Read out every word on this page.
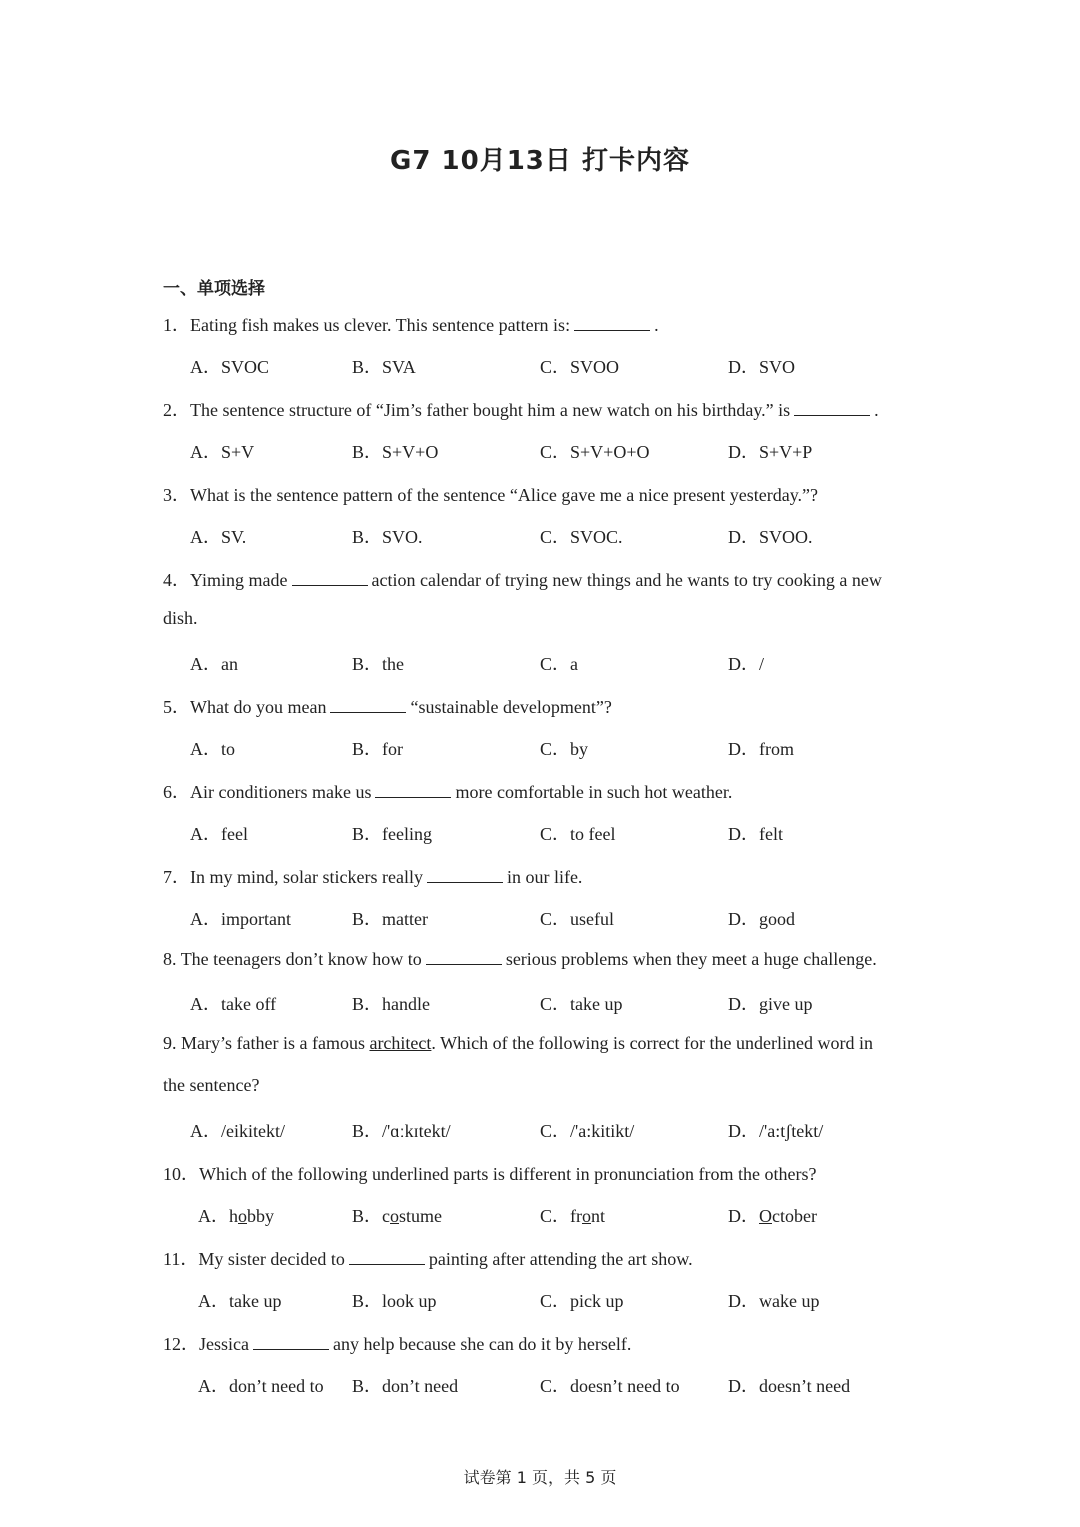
G7 10月13日 打卡内容
一、单项选择
1．Eating fish makes us clever. This sentence pattern is:	.
A．SVOC	B．SVA	C．SVOO	D．SVO
2．The sentence structure of “Jim’s father bought him a new watch on his birthday.” is	.
A．S+V	B．S+V+O	C．S+V+O+O	D．S+V+P
3．What is the sentence pattern of the sentence “Alice gave me a nice present yesterday.”?
A．SV.	B．SVO.	C．SVOC.	D．SVOO.
4．Yiming made	action calendar of trying new things and he wants to try cooking a new
dish.
A．an	B．the	C．a	D．/
5．What do you mean	“sustainable development”?
A．to	B．for	C．by	D．from
6．Air conditioners make us	more comfortable in such hot weather.
A．feel	B．feeling	C．to feel	D．felt
7．In my mind, solar stickers really	in our life.
A．important	B．matter	C．useful	D．good
8. The teenagers don’t know how to	serious problems when they meet a huge challenge.
A．take off	B．handle	C．take up	D．give up
9. Mary’s father is a famous architect. Which of the following is correct for the underlined word in
the sentence?
A．/eikitekt/	B．/'ɑːkɪtekt/	C．/'a:kitikt/	D．/'a:tʃtekt/
10．Which of the following underlined parts is different in pronunciation from the others?
A．hobby	B．costume	C．front	D．October
11．My sister decided to	painting after attending the art show.
A．take up	B．look up	C．pick up	D．wake up
12．Jessica	any help because she can do it by herself.
A．don’t need to B．don’t need	C．doesn’t need to	D．doesn’t need
试卷第 1 页，共 5 页
